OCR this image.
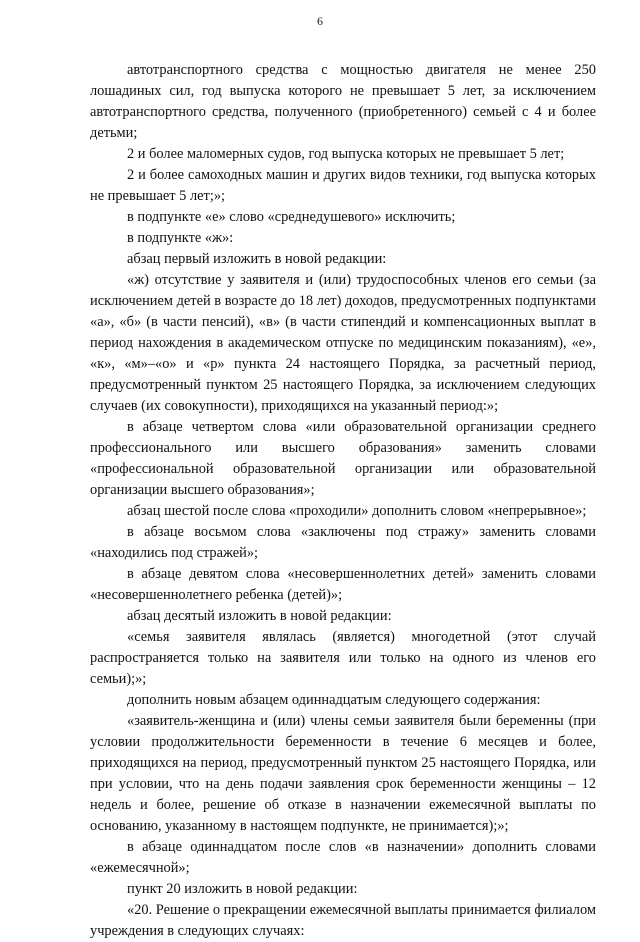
6

автотранспортного средства с мощностью двигателя не менее 250 лошадиных сил, год выпуска которого не превышает 5 лет, за исключением автотранспортного средства, полученного (приобретенного) семьей с 4 и более детьми;

2 и более маломерных судов, год выпуска которых не превышает 5 лет;

2 и более самоходных машин и других видов техники, год выпуска которых не превышает 5 лет;»;

в подпункте «е» слово «среднедушевого» исключить;

в подпункте «ж»:

абзац первый изложить в новой редакции:

«ж) отсутствие у заявителя и (или) трудоспособных членов его семьи (за исключением детей в возрасте до 18 лет) доходов, предусмотренных подпунктами «а», «б» (в части пенсий), «в» (в части стипендий и компенсационных выплат в период нахождения в академическом отпуске по медицинским показаниям), «е», «к», «м»–«о» и «р» пункта 24 настоящего Порядка, за расчетный период, предусмотренный пунктом 25 настоящего Порядка, за исключением следующих случаев (их совокупности), приходящихся на указанный период:»;

в абзаце четвертом слова «или образовательной организации среднего профессионального или высшего образования» заменить словами «профессиональной образовательной организации или образовательной организации высшего образования»;

абзац шестой после слова «проходили» дополнить словом «непрерывное»;

в абзаце восьмом слова «заключены под стражу» заменить словами «находились под стражей»;

в абзаце девятом слова «несовершеннолетних детей» заменить словами «несовершеннолетнего ребенка (детей)»;

абзац десятый изложить в новой редакции:

«семья заявителя являлась (является) многодетной (этот случай распространяется только на заявителя или только на одного из членов его семьи);»;

дополнить новым абзацем одиннадцатым следующего содержания:

«заявитель-женщина и (или) члены семьи заявителя были беременны (при условии продолжительности беременности в течение 6 месяцев и более, приходящихся на период, предусмотренный пунктом 25 настоящего Порядка, или при условии, что на день подачи заявления срок беременности женщины – 12 недель и более, решение об отказе в назначении ежемесячной выплаты по основанию, указанному в настоящем подпункте, не принимается);»;

в абзаце одиннадцатом после слов «в назначении» дополнить словами «ежемесячной»;

пункт 20 изложить в новой редакции:

«20. Решение о прекращении ежемесячной выплаты принимается филиалом учреждения в следующих случаях:
